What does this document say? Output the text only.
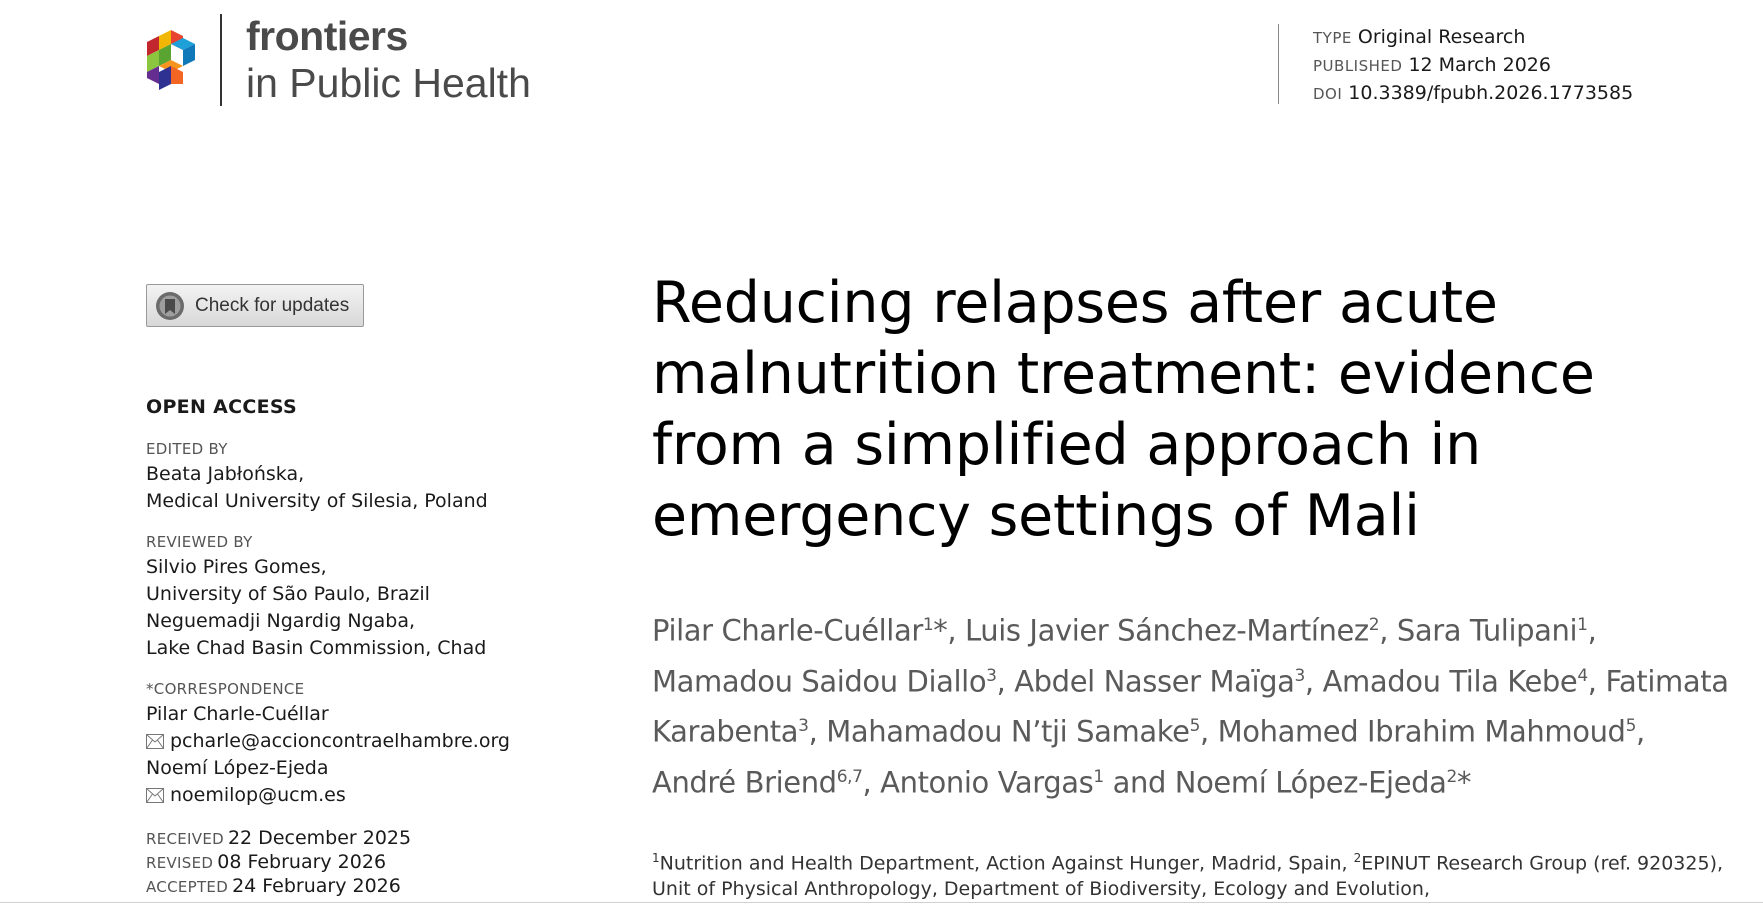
frontiers
in Public Health
TYPE Original Research
PUBLISHED 12 March 2026
DOI 10.3389/fpubh.2026.1773585
Check for updates
OPEN ACCESS
EDITED BY
Beata Jabłońska,
Medical University of Silesia, Poland
REVIEWED BY
Silvio Pires Gomes,
University of São Paulo, Brazil
Neguemadji Ngardig Ngaba,
Lake Chad Basin Commission, Chad
*CORRESPONDENCE
Pilar Charle-Cuéllar
pcharle@accioncontraelhambre.org
Noemí López-Ejeda
noemilop@ucm.es
RECEIVED 22 December 2025
REVISED 08 February 2026
ACCEPTED 24 February 2026
Reducing relapses after acute malnutrition treatment: evidence from a simplified approach in emergency settings of Mali

Pilar Charle-Cuéllar$^1$*, Luis Javier Sánchez-Martínez$^2$, Sara Tulipani$^1$, Mamadou Saidou Diallo$^3$, Abdel Nasser Maïga$^3$, Amadou Tila Kebe$^4$, Fatimata Karabenta$^3$, Mahamadou N’tji Samake$^5$, Mohamed Ibrahim Mahmoud$^5$, André Briend$^{6,7}$, Antonio Vargas$^1$ and Noemí López-Ejeda$^2$*

$^1$Nutrition and Health Department, Action Against Hunger, Madrid, Spain, $^2$EPINUT Research Group (ref. 920325), Unit of Physical Anthropology, Department of Biodiversity, Ecology and Evolution,
